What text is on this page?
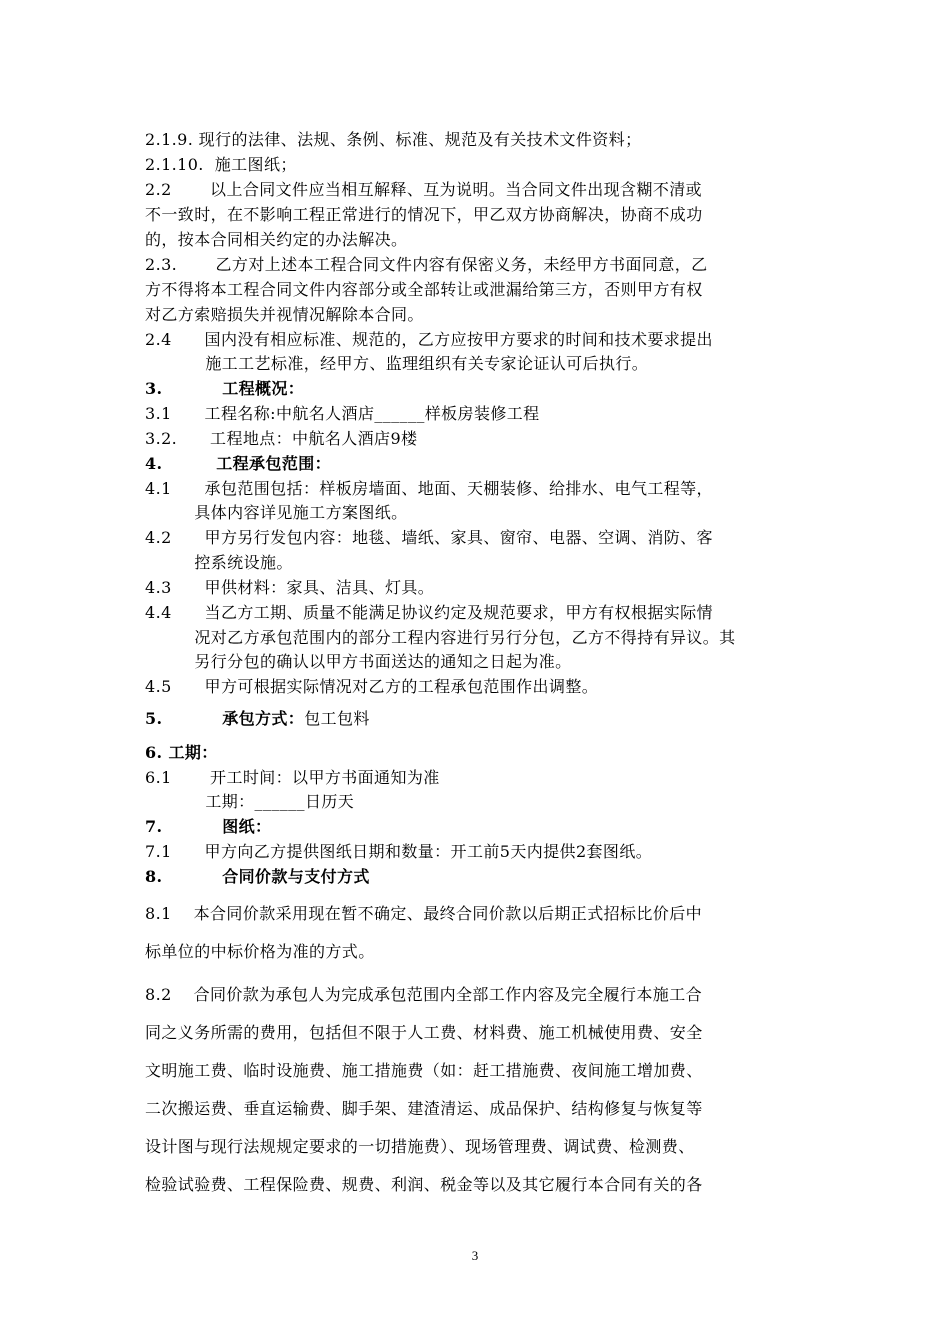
2.1.9. 现行的法律、法规、条例、标准、规范及有关技术文件资料；
2.1.10.  施工图纸；
2.2       以上合同文件应当相互解释、互为说明。当合同文件出现含糊不清或
不一致时，在不影响工程正常进行的情况下，甲乙双方协商解决，协商不成功
的，按本合同相关约定的办法解决。
2.3.       乙方对上述本工程合同文件内容有保密义务，未经甲方书面同意，乙
方不得将本工程合同文件内容部分或全部转让或泄漏给第三方，否则甲方有权
对乙方索赔损失并视情况解除本合同。
2.4      国内没有相应标准、规范的，乙方应按甲方要求的时间和技术要求提出
施工工艺标准，经甲方、监理组织有关专家论证认可后执行。
3.          工程概况：
3.1      工程名称:中航名人酒店______样板房装修工程
3.2.      工程地点：中航名人酒店9楼
4.         工程承包范围：
4.1      承包范围包括：样板房墙面、地面、天棚装修、给排水、电气工程等，
具体内容详见施工方案图纸。
4.2      甲方另行发包内容：地毯、墙纸、家具、窗帘、电器、空调、消防、客
控系统设施。
4.3      甲供材料：家具、洁具、灯具。
4.4      当乙方工期、质量不能满足协议约定及规范要求，甲方有权根据实际情
况对乙方承包范围内的部分工程内容进行另行分包，乙方不得持有异议。其
另行分包的确认以甲方书面送达的通知之日起为准。
4.5      甲方可根据实际情况对乙方的工程承包范围作出调整。
5.          承包方式：包工包料
6. 工期：
6.1       开工时间：以甲方书面通知为准
工期：______日历天
7.          图纸：
7.1      甲方向乙方提供图纸日期和数量：开工前5天内提供2套图纸。
8.          合同价款与支付方式
8.1    本合同价款采用现在暂不确定、最终合同价款以后期正式招标比价后中
标单位的中标价格为准的方式。
8.2    合同价款为承包人为完成承包范围内全部工作内容及完全履行本施工合
同之义务所需的费用，包括但不限于人工费、材料费、施工机械使用费、安全
文明施工费、临时设施费、施工措施费（如：赶工措施费、夜间施工增加费、
二次搬运费、垂直运输费、脚手架、建渣清运、成品保护、结构修复与恢复等
设计图与现行法规规定要求的一切措施费）、现场管理费、调试费、检测费、
检验试验费、工程保险费、规费、利润、税金等以及其它履行本合同有关的各
3
